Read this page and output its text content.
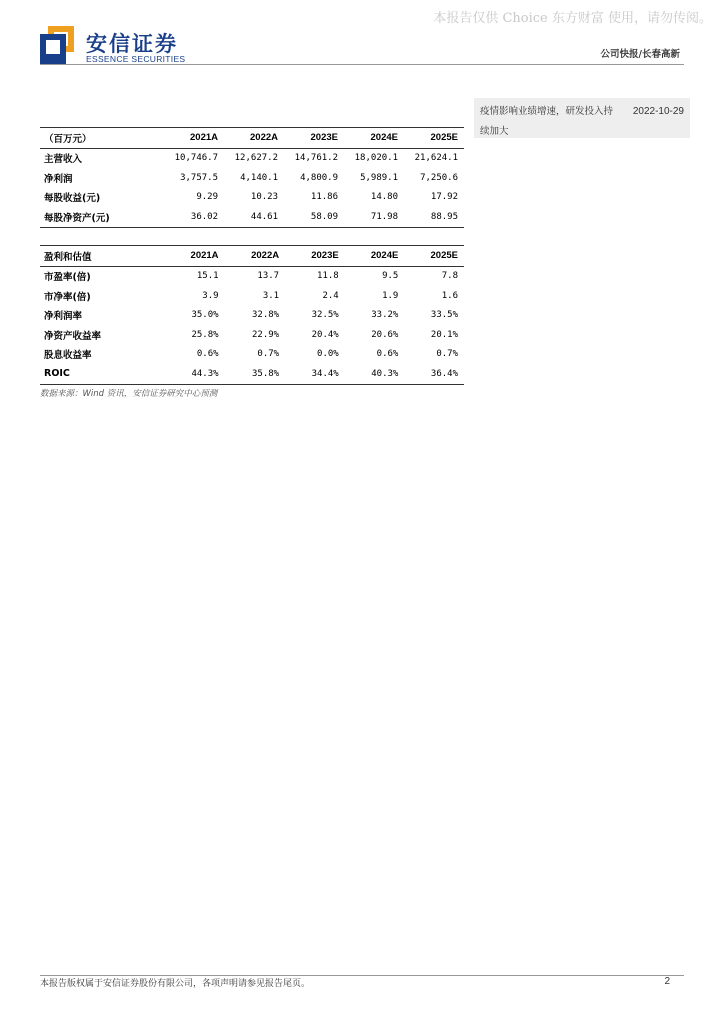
本报告仅供 Choice 东方财富 使用，请勿传阅。
安信证券
ESSENCE SECURITIES	公司快报/长春高新
疫情影响业绩增速，研发投入持续加大
2022-10-29
（百万元）	2021A	2022A	2023E	2024E	2025E
主营收入	10,746.7	12,627.2	14,761.2	18,020.1	21,624.1
净利润	3,757.5	4,140.1	4,800.9	5,989.1	7,250.6
每股收益(元)	9.29	10.23	11.86	14.80	17.92
每股净资产(元)	36.02	44.61	58.09	71.98	88.95
盈利和估值	2021A	2022A	2023E	2024E	2025E
市盈率(倍)	15.1	13.7	11.8	9.5	7.8
市净率(倍)	3.9	3.1	2.4	1.9	1.6
净利润率	35.0%	32.8%	32.5%	33.2%	33.5%
净资产收益率	25.8%	22.9%	20.4%	20.6%	20.1%
股息收益率	0.6%	0.7%	0.0%	0.6%	0.7%
ROIC	44.3%	35.8%	34.4%	40.3%	36.4%
数据来源：Wind 资讯，安信证券研究中心预测
本报告版权属于安信证券股份有限公司，各项声明请参见报告尾页。	2
